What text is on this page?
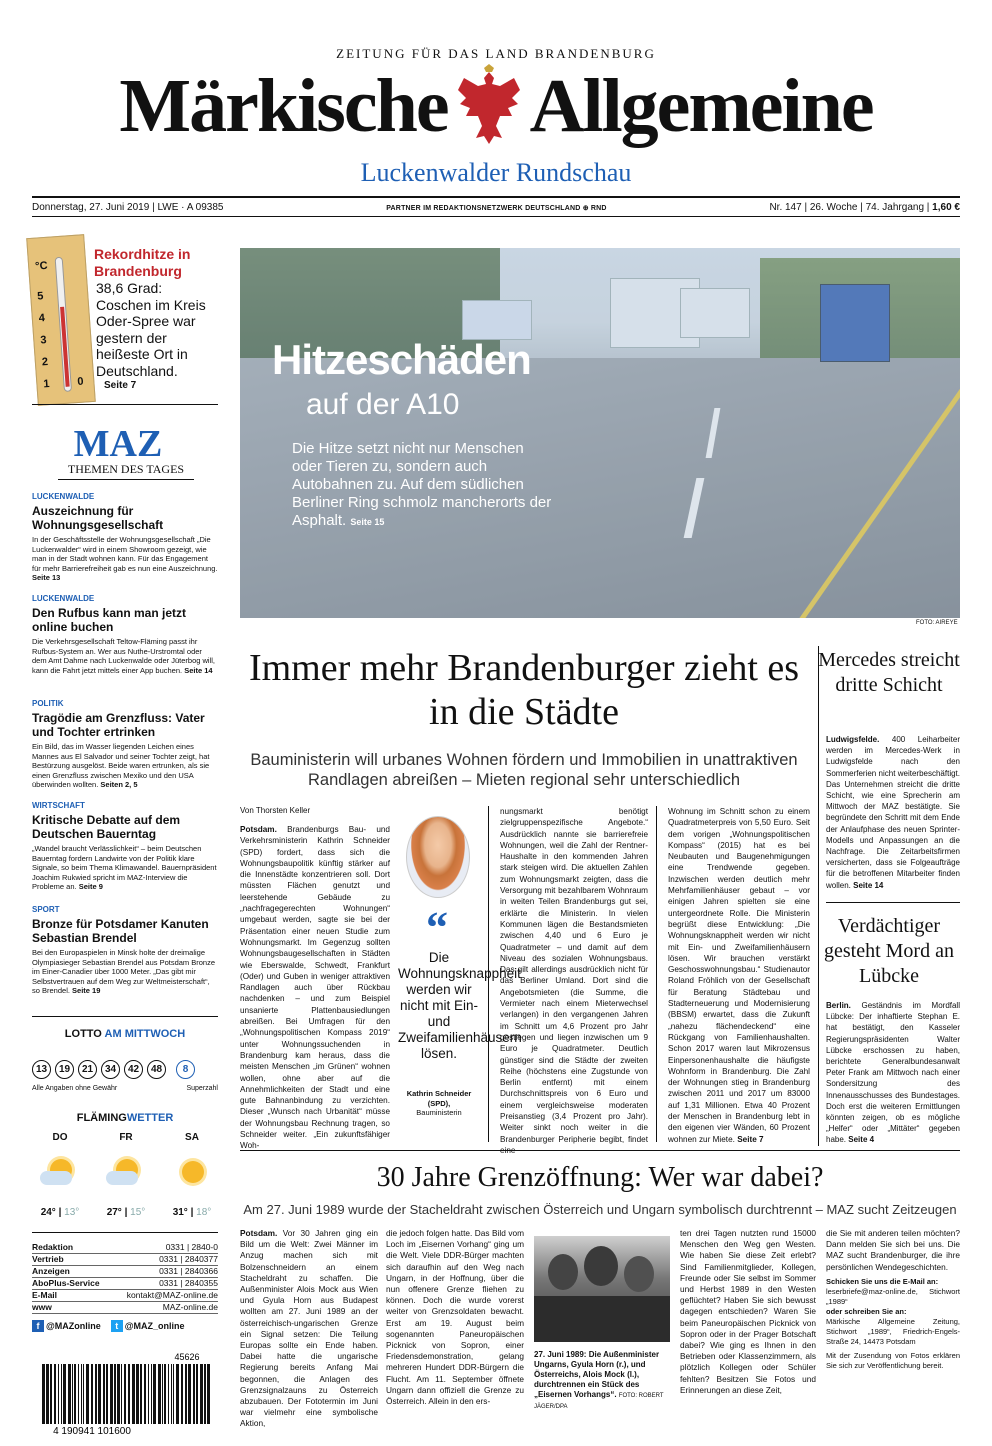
ZEITUNG FÜR DAS LAND BRANDENBURG
Märkische Allgemeine
Luckenwalder Rundschau
Donnerstag, 27. Juni 2019 | LWE · A 09385	PARTNER IM REDAKTIONSNETZWERK DEUTSCHLAND ⊕ RND	Nr. 147 | 26. Woche | 74. Jahrgang | 1,60 €
°C
5
4
3
2
1 0
Rekordhitze in Brandenburg
38,6 Grad: Coschen im Kreis Oder-Spree war gestern der heißeste Ort in Deutschland.
Seite 7
MAZ
THEMEN DES TAGES
LUCKENWALDE
Auszeichnung für Wohnungsgesellschaft
In der Geschäftsstelle der Wohnungsgesellschaft „Die Luckenwalder“ wird in einem Showroom gezeigt, wie man in der Stadt wohnen kann. Für das Engagement für mehr Barrierefreiheit gab es nun eine Auszeichnung. Seite 13
LUCKENWALDE
Den Rufbus kann man jetzt online buchen
Die Verkehrsgesellschaft Teltow-Fläming passt ihr Rufbus-System an. Wer aus Nuthe-Urstromtal oder dem Amt Dahme nach Luckenwalde oder Jüterbog will, kann die Fahrt jetzt mittels einer App buchen. Seite 14
POLITIK
Tragödie am Grenzfluss: Vater und Tochter ertrinken
Ein Bild, das im Wasser liegenden Leichen eines Mannes aus El Salvador und seiner Tochter zeigt, hat Bestürzung ausgelöst. Beide waren ertrunken, als sie einen Grenzfluss zwischen Mexiko und den USA überwinden wollten. Seiten 2, 5
WIRTSCHAFT
Kritische Debatte auf dem Deutschen Bauerntag
„Wandel braucht Verlässlichkeit“ – beim Deutschen Bauerntag fordern Landwirte von der Politik klare Signale, so beim Thema Klimawandel. Bauernpräsident Joachim Rukwied spricht im MAZ-Interview die Probleme an. Seite 9
SPORT
Bronze für Potsdamer Kanuten Sebastian Brendel
Bei den Europaspielen in Minsk holte der dreimalige Olympiasieger Sebastian Brendel aus Potsdam Bronze im Einer-Canadier über 1000 Meter. „Das gibt mir Selbstvertrauen auf dem Weg zur Weltmeisterschaft“, so Brendel. Seite 19
LOTTO AM MITTWOCH
13	19	21	34	42	48	8
Alle Angaben ohne Gewähr	Superzahl
FLÄMINGWETTER
DO
24° | 13°
FR
27° | 15°
SA
31° | 18°
Redaktion	0331 | 2840-0
Vertrieb	0331 | 2840377
Anzeigen	0331 | 2840366
AboPlus-Service	0331 | 2840355
E-Mail	kontakt@MAZ-online.de
www	MAZ-online.de
f @MAZonline	t @MAZ_online
45626
4 190941 101600
Hitzeschäden
auf der A10
Die Hitze setzt nicht nur Menschen oder Tieren zu, sondern auch Autobahnen zu. Auf dem südlichen Berliner Ring schmolz mancherorts der Asphalt. Seite 15
FOTO: AIREYE
Immer mehr Brandenburger zieht es in die Städte
Bauministerin will urbanes Wohnen fördern und Immobilien in unattraktiven Randlagen abreißen – Mieten regional sehr unterschiedlich
Von Thorsten Keller
Potsdam. Brandenburgs Bau- und Verkehrsministerin Kathrin Schneider (SPD) fordert, dass sich die Wohnungsbaupolitik künftig stärker auf die Innenstädte konzentrieren soll. Dort müssten Flächen genutzt und leerstehende Gebäude zu „nachfragegerechten Wohnungen“ umgebaut werden, sagte sie bei der Präsentation einer neuen Studie zum Wohnungsmarkt. Im Gegenzug sollten Wohnungsbaugesellschaften in Städten wie Eberswalde, Schwedt, Frankfurt (Oder) und Guben in weniger attraktiven Randlagen auch über Rückbau nachdenken – und zum Beispiel unsanierte Plattenbausiedlungen abreißen. Bei Umfragen für den „Wohnungspolitischen Kompass 2019“ unter Wohnungssuchenden in Brandenburg kam heraus, dass die meisten Menschen „im Grünen“ wohnen wollen, ohne aber auf die Annehmlichkeiten der Stadt und eine gute Bahnanbindung zu verzichten. Dieser „Wunsch nach Urbanität“ müsse der Wohnungsbau Rechnung tragen, so Schneider weiter. „Ein zukunftsfähiger Woh-
“
Die Wohnungsknappheit werden wir nicht mit Ein- und Zweifamilienhäusern lösen.
Kathrin Schneider (SPD),
Bauministerin
nungsmarkt benötigt zielgruppenspezifische Angebote.“ Ausdrücklich nannte sie barrierefreie Wohnungen, weil die Zahl der Rentner-Haushalte in den kommenden Jahren stark steigen wird. Die aktuellen Zahlen zum Wohnungsmarkt zeigten, dass die Versorgung mit bezahlbarem Wohnraum in weiten Teilen Brandenburgs gut sei, erklärte die Ministerin. In vielen Kommunen lägen die Bestandsmieten zwischen 4,40 und 6 Euro je Quadratmeter – und damit auf dem Niveau des sozialen Wohnungsbaus. Das gilt allerdings ausdrücklich nicht für das Berliner Umland. Dort sind die Angebotsmieten (die Summe, die Vermieter nach einem Mieterwechsel verlangen) in den vergangenen Jahren im Schnitt um 4,6 Prozent pro Jahr gestiegen und liegen inzwischen um 9 Euro je Quadratmeter. Deutlich günstiger sind die Städte der zweiten Reihe (höchstens eine Zugstunde von Berlin entfernt) mit einem Durchschnittspreis von 6 Euro und einem vergleichsweise moderaten Preisanstieg (3,4 Prozent pro Jahr). Weiter sinkt noch weiter in die Brandenburger Peripherie begibt, findet eine
Wohnung im Schnitt schon zu einem Quadratmeterpreis von 5,50 Euro. Seit dem vorigen „Wohnungspolitischen Kompass“ (2015) hat es bei Neubauten und Baugenehmigungen eine Trendwende gegeben. Inzwischen werden deutlich mehr Mehrfamilienhäuser gebaut – vor einigen Jahren spielten sie eine untergeordnete Rolle. Die Ministerin begrüßt diese Entwicklung: „Die Wohnungsknappheit werden wir nicht mit Ein- und Zweifamilienhäusern lösen. Wir brauchen verstärkt Geschosswohnungsbau.“ Studienautor Roland Fröhlich von der Gesellschaft für Beratung Städtebau und Stadterneuerung und Modernisierung (BBSM) erwartet, dass die Zukunft „nahezu flächendeckend“ eine Rückgang von Familienhaushalten. Schon 2017 waren laut Mikrozensus Einpersonenhaushalte die häufigste Wohnform in Brandenburg. Die Zahl der Wohnungen stieg in Brandenburg zwischen 2011 und 2017 um 83000 auf 1,31 Millionen. Etwa 40 Prozent der Menschen in Brandenburg lebt in den eigenen vier Wänden, 60 Prozent wohnen zur Miete. Seite 7
Mercedes streicht dritte Schicht
Ludwigsfelde. 400 Leiharbeiter werden im Mercedes-Werk in Ludwigsfelde nach den Sommerferien nicht weiterbeschäftigt. Das Unternehmen streicht die dritte Schicht, wie eine Sprecherin am Mittwoch der MAZ bestätigte. Sie begründete den Schritt mit dem Ende der Anlaufphase des neuen Sprinter-Modells und Anpassungen an die Nachfrage. Die Zeitarbeitsfirmen versicherten, dass sie Folgeaufträge für die betroffenen Mitarbeiter finden wollen. Seite 14
Verdächtiger gesteht Mord an Lübcke
Berlin. Geständnis im Mordfall Lübcke: Der inhaftierte Stephan E. hat bestätigt, den Kasseler Regierungspräsidenten Walter Lübcke erschossen zu haben, berichtete Generalbundesanwalt Peter Frank am Mittwoch nach einer Sondersitzung des Innenausschusses des Bundestages. Doch erst die weiteren Ermittlungen könnten zeigen, ob es mögliche „Helfer“ oder „Mittäter“ gegeben habe. Seite 4
30 Jahre Grenzöffnung: Wer war dabei?
Am 27. Juni 1989 wurde der Stacheldraht zwischen Österreich und Ungarn symbolisch durchtrennt – MAZ sucht Zeitzeugen
Potsdam. Vor 30 Jahren ging ein Bild um die Welt: Zwei Männer im Anzug machen sich mit Bolzenschneidern an einem Stacheldraht zu schaffen. Die Außenminister Alois Mock aus Wien und Gyula Horn aus Budapest wollten am 27. Juni 1989 an der österreichisch-ungarischen Grenze ein Signal setzen: Die Teilung Europas sollte ein Ende haben. Dabei hatte die ungarische Regierung bereits Anfang Mai begonnen, die Anlagen des Grenzsignalzauns zu Österreich abzubauen. Der Fototermin im Juni war vielmehr eine symbolische Aktion,
die jedoch folgen hatte. Das Bild vom Loch im „Eisernen Vorhang“ ging um die Welt. Viele DDR-Bürger machten sich daraufhin auf den Weg nach Ungarn, in der Hoffnung, über die nun offenere Grenze fliehen zu können. Doch die wurde vorerst weiter von Grenzsoldaten bewacht. Erst am 19. August beim sogenannten Paneuropäischen Picknick von Sopron, einer Friedensdemonstration, gelang mehreren Hundert DDR-Bürgern die Flucht. Am 11. September öffnete Ungarn dann offiziell die Grenze zu Österreich. Allein in den ers-
27. Juni 1989: Die Außenminister Ungarns, Gyula Horn (r.), und Österreichs, Alois Mock (l.), durchtrennen ein Stück des „Eisernen Vorhangs“. FOTO: ROBERT JÄGER/DPA
ten drei Tagen nutzten rund 15000 Menschen den Weg gen Westen. Wie haben Sie diese Zeit erlebt? Sind Familienmitglieder, Kollegen, Freunde oder Sie selbst im Sommer und Herbst 1989 in den Westen geflüchtet? Haben Sie sich bewusst dagegen entschieden? Waren Sie beim Paneuropäischen Picknick von Sopron oder in der Prager Botschaft dabei? Wie ging es Ihnen in den Betrieben oder Klassenzimmern, als plötzlich Kollegen oder Schüler fehlten? Besitzen Sie Fotos und Erinnerungen an diese Zeit,
die Sie mit anderen teilen möchten? Dann melden Sie sich bei uns. Die MAZ sucht Brandenburger, die ihre persönlichen Wendegeschichten.
Schicken Sie uns die E-Mail an:
leserbriefe@maz-online.de, Stichwort „1989“
oder schreiben Sie an:
Märkische Allgemeine Zeitung, Stichwort „1989“, Friedrich-Engels-Straße 24, 14473 Potsdam
Mit der Zusendung von Fotos erklären Sie sich zur Veröffentlichung bereit.
